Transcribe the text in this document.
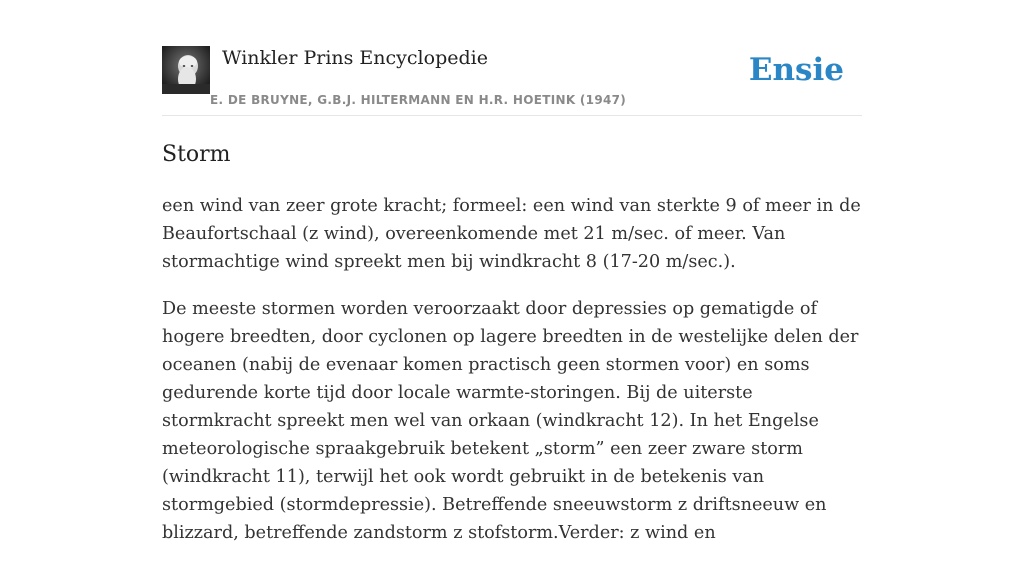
Winkler Prins Encyclopedie
E. DE BRUYNE, G.B.J. HILTERMANN EN H.R. HOETINK (1947)
Ensie
Storm

een wind van zeer grote kracht; formeel: een wind van sterkte 9 of meer in de Beaufortschaal (z wind), overeenkomende met 21 m/sec. of meer. Van stormachtige wind spreekt men bij windkracht 8 (17-20 m/sec.).

De meeste stormen worden veroorzaakt door depressies op gematigde of hogere breedten, door cyclonen op lagere breedten in de westelijke delen der oceanen (nabij de evenaar komen practisch geen stormen voor) en soms gedurende korte tijd door locale warmte-storingen. Bij de uiterste stormkracht spreekt men wel van orkaan (windkracht 12). In het Engelse meteorologische spraakgebruik betekent „storm” een zeer zware storm (windkracht 11), terwijl het ook wordt gebruikt in de betekenis van stormgebied (stormdepressie). Betreffende sneeuwstorm z driftsneeuw en blizzard, betreffende zandstorm z stofstorm.Verder: z wind en
